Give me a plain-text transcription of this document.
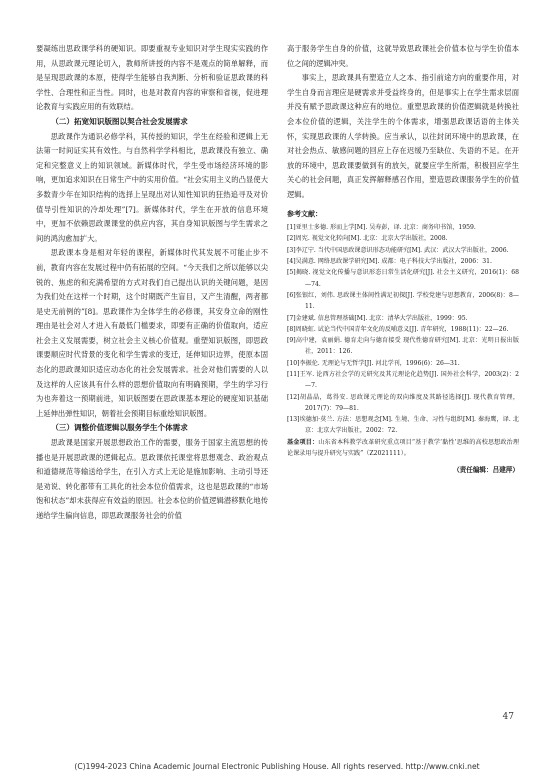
要凝练出思政课学科的硬知识。即要重视专业知识对学生现实实践的作用，从思政课元理论切入，教师所讲授的内容不是观点的简单解释，而是呈现思政课的本原，使得学生能够自我判断、分析和验证思政课的科学性、合理性和正当性。同时，也是对教育内容的审察和省视，促进理论教育与实践应用的有效联结。

（二）拓宽知识版图以契合社会发展需求

思政课作为通识必修学科，其传授的知识，学生在经验和逻辑上无法第一时间证实其有效性。与自然科学学科相比，思政课没有独立、确定和完整意义上的知识领域。新媒体时代，学生受市场经济环境的影响，更加追求知识在日常生产中的实用价值。“社会实用主义的凸显使大多数青少年在知识结构的选择上呈现出对认知性知识的狂热追寻及对价值导引性知识的冷却处理”[7]。新媒体时代，学生在开放的信息环境中，更加不依赖思政课课堂的供应内容，其自身知识版图与学生需求之间的鸿沟愈加扩大。

思政课本身是相对年轻的课程，新媒体时代其发展不可能止步不前，教育内容在发展过程中仍有拓展的空间。“今天我们之所以能够以尖锐的、焦虑的和充满希望的方式对我们自己提出认识的关键问题，是因为我们处在这样一个时期，这个时期既产生盲目，又产生清醒，两者都是史无前例的”[8]。思政课作为全体学生的必修课，其安身立命的刚性理由是社会对人才进入有最低门槛要求，即要有正确的价值取向，适应社会主义发展需要，树立社会主义核心价值观。重塑知识版图，即思政课要顺应时代背景的变化和学生需求的变迁，延伸知识边界，使原本固态化的思政课知识适应动态化的社会发展需求。社会对他们需要的人以及这样的人应该具有什么样的思想价值取向有明确预期，学生的学习行为也奔着这一预期前进，知识版图要在思政课基本理论的硬度知识基础上延伸出弹性知识，朝着社会预期目标重绘知识版图。

（三）调整价值逻辑以服务学生个体需求

思政课是国家开展思想政治工作的需要，服务于国家主流思想的传播也是开展思政课的逻辑起点。思政课依托课堂将思想观念、政治观点和道德规范等输送给学生，在引入方式上无论是施加影响、主动引导还是劝说、转化都带有工具化的社会本位价值需求，这也是思政课的“市场饱和状态”却未获得应有效益的原因。社会本位的价值逻辑潜移默化地传递给学生偏向信息，即思政课服务社会的价值

高于服务学生自身的价值，这就导致思政课社会价值本位与学生价值本位之间的逻辑冲突。

事实上，思政课具有塑造立人之本、指引前途方向的重要作用，对学生自身而言理应是硬需求并受益终身的，但是事实上在学生需求层面并没有赋予思政课这种应有的地位。重塑思政课的价值逻辑就是转换社会本位价值的逻辑，关注学生的个体需求，增强思政课话语的主体关怀，实现思政课的人学转换。应当承认，以往封闭环境中的思政课，在对社会热点、敏感问题的回应上存在迟缓乃至缺位、失语的不足。在开放的环境中，思政课要做到有的放矢，就要应学生所需，积极回应学生关心的社会问题，真正发挥解释感召作用，塑造思政课服务学生的价值逻辑。

参考文献：
[1]亚里士多德. 形而上学[M]. 吴寿彭，译. 北京：商务印书馆，1959.
[2]周宪. 视觉文化转向[M]. 北京：北京大学出版社，2008.
[3]李辽宁. 当代中国思政课意识形态功能研究[M]. 武汉：武汉大学出版社，2006.
[4]吴满意. 网络思政课学研究[M]. 成都：电子科技大学出版社，2006：31.
[5]揭晓. 视觉文化传播与意识形态日常生活化研究[J]. 社会主义研究，2016(1)：68—74.
[6]张银红，刘伟. 思政课主体间性满足初探[J]. 学校党建与思想教育，2006(8)：8—11.
[7]金建斌. 信息管理基础[M]. 北京：清华大学出版社，1999：95.
[8]周晓虹. 试论当代中国青年文化的反哺意义[J]. 青年研究，1988(11)：22—26.
[9]高中建，袁丽娟. 德育走向与德育接受 现代性德育研究[M]. 北京：光明日报出版社，2011：126.
[10]李振伦. 无理论与无哲学[J]. 河北学刊，1996(6)：26—31.
[11]王军. 论西方社会学的元研究及其元理论化趋势[J]. 国外社会科学，2003(2)：2—7.
[12]胡晶晶，葛得安. 思政课元理论的双向维度及其路径选择[J]. 现代教育管理，2017(7)：79—81.
[13]埃德加·莫兰. 方法：思想观念[M]. 生境、生命、习性与组织[M]. 秦海鹰，译. 北京：北京大学出版社，2002：72.

基金项目：山东省本科教学改革研究重点项目“基于教学‘黏性’思维的高校思想政治理论课录用与提升研究与实践”（Z2021111）。

（责任编辑：吕建萍）
47
(C)1994-2023 China Academic Journal Electronic Publishing House. All rights reserved. http://www.cnki.net
